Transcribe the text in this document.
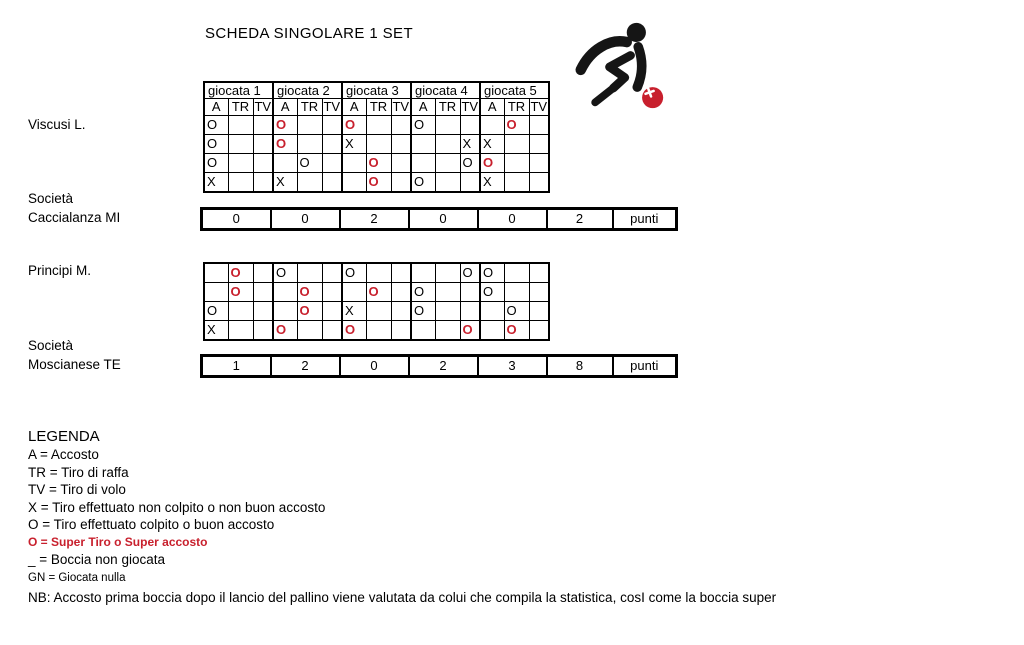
SCHEDA SINGOLARE 1 SET
Viscusi L.
Società
Caccialanza MI
Principi M.
Società
Moscianese TE
giocata 1			giocata 2			giocata 3			giocata 4			giocata 5		
A	TR	TV	A	TR	TV	A	TR	TV	A	TR	TV	A	TR	TV
O			O			O			O				O	
O			O			X					X	X		
O				O			O				O	O		
X			X				O		O			X		
0	0	2	0	0	2	punti
	O		O			O					O	O		
	O			O			O		O			O		
O				O		X			O				O	
X			O			O					O		O	
1	2	0	2	3	8	punti
LEGENDA
A = Accosto
TR = Tiro di raffa
TV = Tiro di volo
X = Tiro effettuato non colpito o non buon accosto
O = Tiro effettuato colpito o buon accosto
O = Super Tiro o Super accosto
_ = Boccia non giocata
GN = Giocata nulla
NB: Accosto prima boccia dopo il lancio del pallino viene valutata da colui che compila la statistica, cosI come la boccia super
